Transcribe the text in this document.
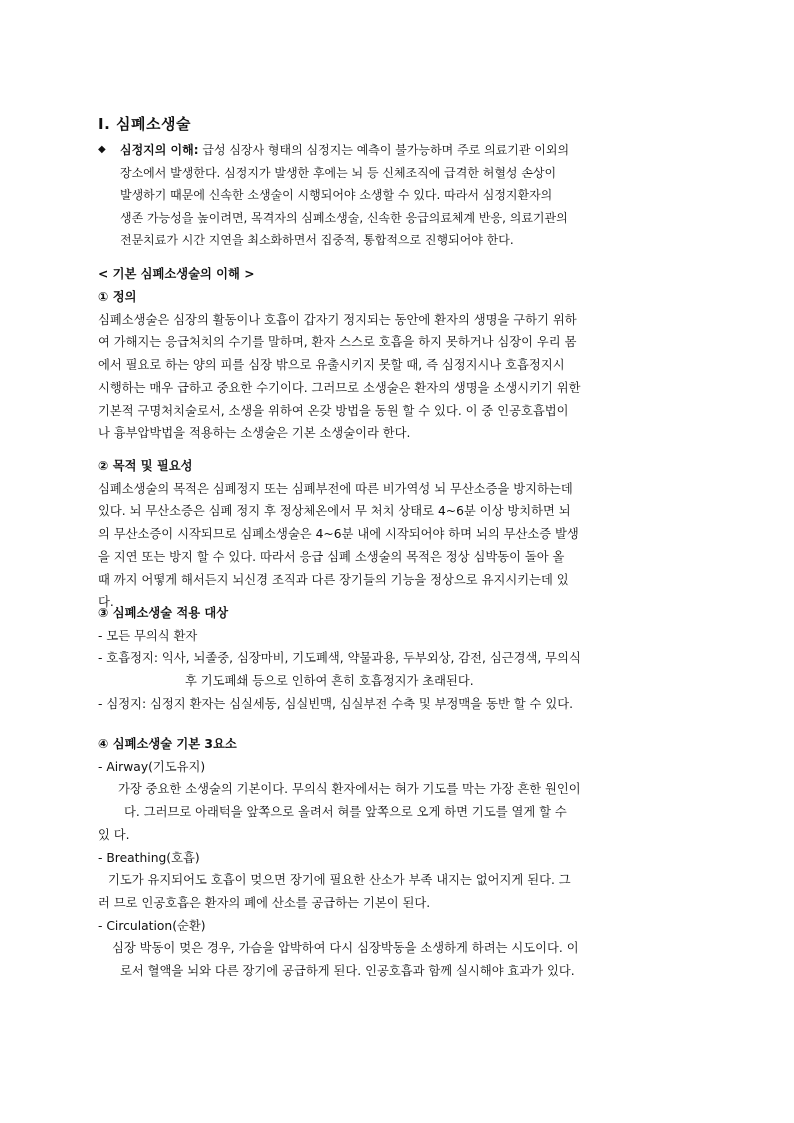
Ⅰ. 심폐소생술
◆ 심정지의 이해: 급성 심장사 형태의 심정지는 예측이 불가능하며 주로 의료기관 이외의
장소에서 발생한다. 심정지가 발생한 후에는 뇌 등 신체조직에 급격한 허혈성 손상이
발생하기 때문에 신속한 소생술이 시행되어야 소생할 수 있다. 따라서 심정지환자의
생존 가능성을 높이려면, 목격자의 심폐소생술, 신속한 응급의료체계 반응, 의료기관의
전문치료가 시간 지연을 최소화하면서 집중적, 통합적으로 진행되어야 한다.
< 기본 심폐소생술의 이해 >
① 정의
심폐소생술은 심장의 활동이나 호흡이 갑자기 정지되는 동안에 환자의 생명을 구하기 위하
여 가해지는 응급처치의 수기를 말하며, 환자 스스로 호흡을 하지 못하거나 심장이 우리 몸
에서 필요로 하는 양의 피를 심장 밖으로 유출시키지 못할 때, 즉 심정지시나 호흡정지시
시행하는 매우 급하고 중요한 수기이다. 그러므로 소생술은 환자의 생명을 소생시키기 위한
기본적 구명처치술로서, 소생을 위하여 온갖 방법을 동원 할 수 있다. 이 중 인공호흡법이
나 흉부압박법을 적용하는 소생술은 기본 소생술이라 한다.
② 목적 및 필요성
심폐소생술의 목적은 심폐정지 또는 심폐부전에 따른 비가역성 뇌 무산소증을 방지하는데
있다. 뇌 무산소증은 심폐 정지 후 정상체온에서 무 처치 상태로 4~6분 이상 방치하면 뇌
의 무산소증이 시작되므로 심폐소생술은 4~6분 내에 시작되어야 하며 뇌의 무산소증 발생
을 지연 또는 방지 할 수 있다. 따라서 응급 심폐 소생술의 목적은 정상 심박동이 돌아 올
때 까지 어떻게 해서든지 뇌신경 조직과 다른 장기들의 기능을 정상으로 유지시키는데 있
다.
③ 심폐소생술 적용 대상
- 모든 무의식 환자
- 호흡정지: 익사, 뇌졸중, 심장마비, 기도폐색, 약물과용, 두부외상, 감전, 심근경색, 무의식
후 기도폐쇄 등으로 인하여 흔히 호흡정지가 초래된다.
- 심정지: 심정지 환자는 심실세동, 심실빈맥, 심실부전 수축 및 부정맥을 동반 할 수 있다.
④ 심폐소생술 기본 3요소
- Airway(기도유지)
가장 중요한 소생술의 기본이다. 무의식 환자에서는 혀가 기도를 막는 가장 흔한 원인이
다. 그러므로 아래턱을 앞쪽으로 올려서 혀를 앞쪽으로 오게 하면 기도를 열게 할 수
있 다.
- Breathing(호흡)
기도가 유지되어도 호흡이 멎으면 장기에 필요한 산소가 부족 내지는 없어지게 된다. 그
러 므로 인공호흡은 환자의 폐에 산소를 공급하는 기본이 된다.
- Circulation(순환)
심장 박동이 멎은 경우, 가슴을 압박하여 다시 심장박동을 소생하게 하려는 시도이다. 이
로서 혈액을 뇌와 다른 장기에 공급하게 된다. 인공호흡과 함께 실시해야 효과가 있다.
